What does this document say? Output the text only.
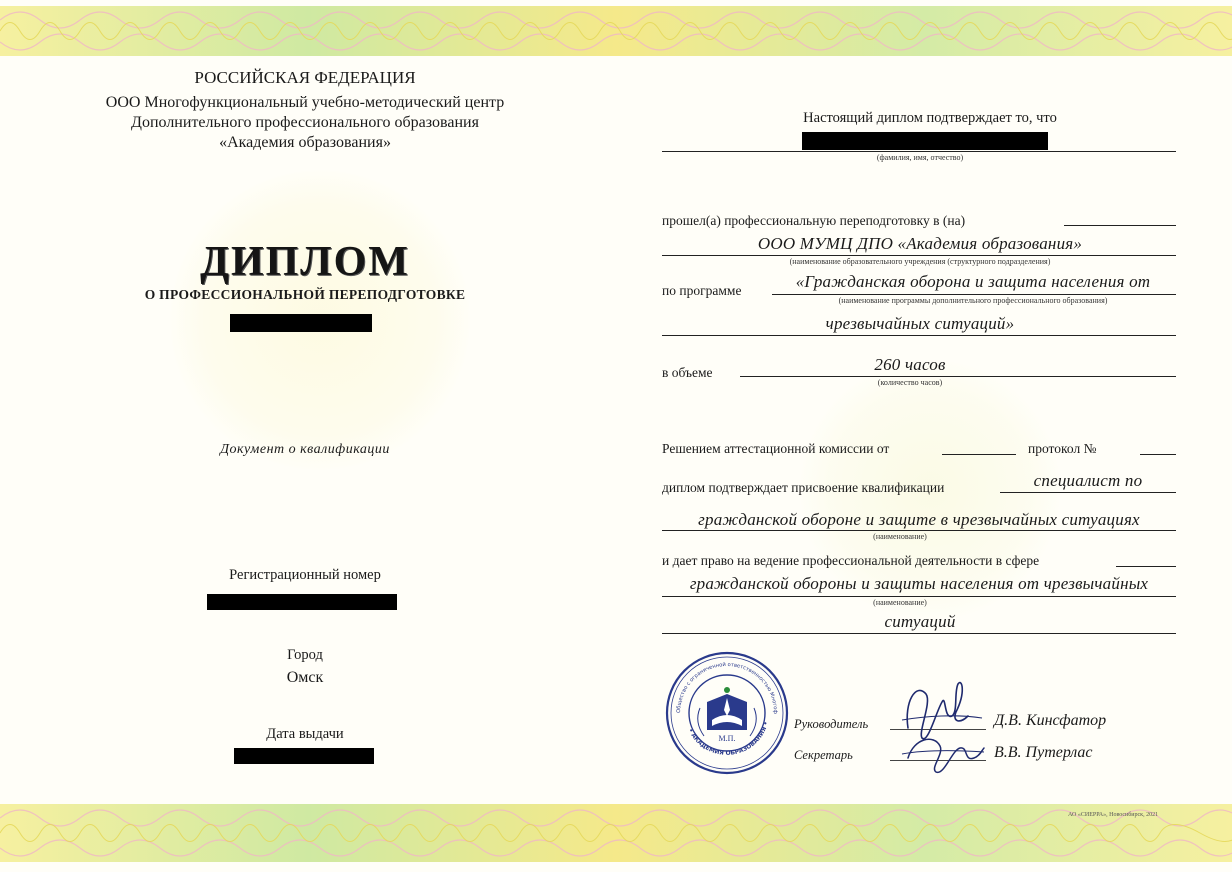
РОССИЙСКАЯ ФЕДЕРАЦИЯ
ООО Многофункциональный учебно-методический центр
Дополнительного профессионального образования
«Академия образования»
ДИПЛОМ
О ПРОФЕССИОНАЛЬНОЙ ПЕРЕПОДГОТОВКЕ
Документ о квалификации
Регистрационный номер
Город
Омск
Дата выдачи
Настоящий диплом подтверждает то, что
(фамилия, имя, отчество)
прошел(а) профессиональную переподготовку в (на)
ООО МУМЦ ДПО «Академия образования»
(наименование образовательного учреждения (структурного подразделения)
по программе	«Гражданская оборона и защита населения от
(наименование программы дополнительного профессионального образования)
чрезвычайных ситуаций»
в объеме	260 часов
(количество часов)
Решением аттестационной комиссии от	протокол №
диплом подтверждает присвоение квалификации	специалист по
гражданской обороне и защите в чрезвычайных ситуациях
(наименование)
и дает право на ведение профессиональной деятельности в сфере
гражданской обороны и защиты населения от чрезвычайных
(наименование)
ситуаций
Общество с ограниченной ответственностью Многоф
• АКАДЕМИЯ ОБРАЗОВАНИЯ •
М.П.
Руководитель	Д.В. Кинсфатор
Секретарь	В.В. Путерлас
АО «СИЕРРА», Новосибирск, 2021
